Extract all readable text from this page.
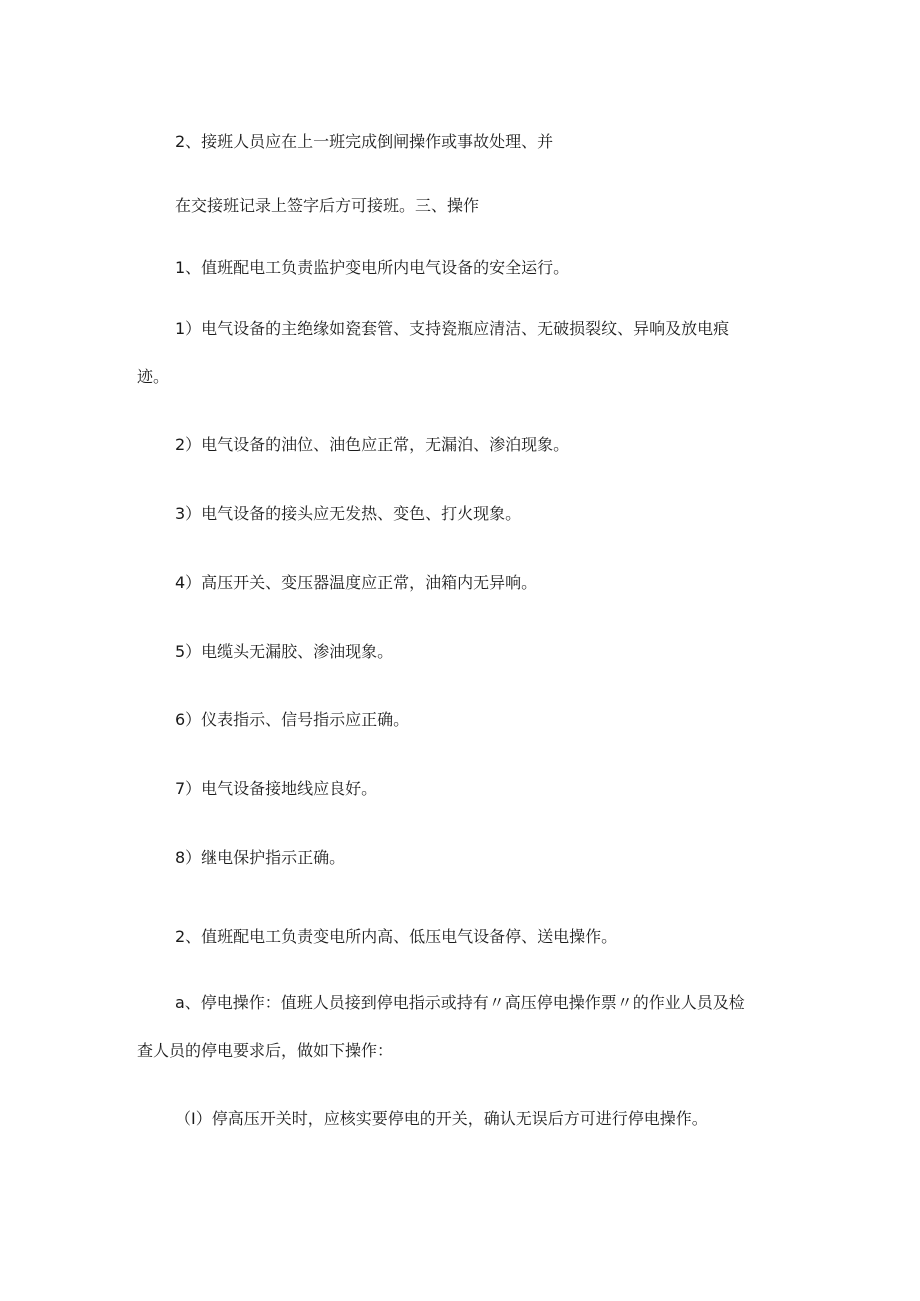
2、接班人员应在上一班完成倒闸操作或事故处理、并

在交接班记录上签字后方可接班。三、操作

1、值班配电工负责监护变电所内电气设备的安全运行。

1）电气设备的主绝缘如瓷套管、支持瓷瓶应清洁、无破损裂纹、异响及放电痕

迹。

2）电气设备的油位、油色应正常，无漏泊、渗泊现象。

3）电气设备的接头应无发热、变色、打火现象。

4）高压开关、变压器温度应正常，油箱内无异响。

5）电缆头无漏胶、渗油现象。

6）仪表指示、信号指示应正确。

7）电气设备接地线应良好。

8）继电保护指示正确。

2、值班配电工负责变电所内高、低压电气设备停、送电操作。

a、停电操作：值班人员接到停电指示或持有〃高压停电操作票〃的作业人员及检

查人员的停电要求后，做如下操作：

（I）停高压开关时，应核实要停电的开关，确认无误后方可进行停电操作。
